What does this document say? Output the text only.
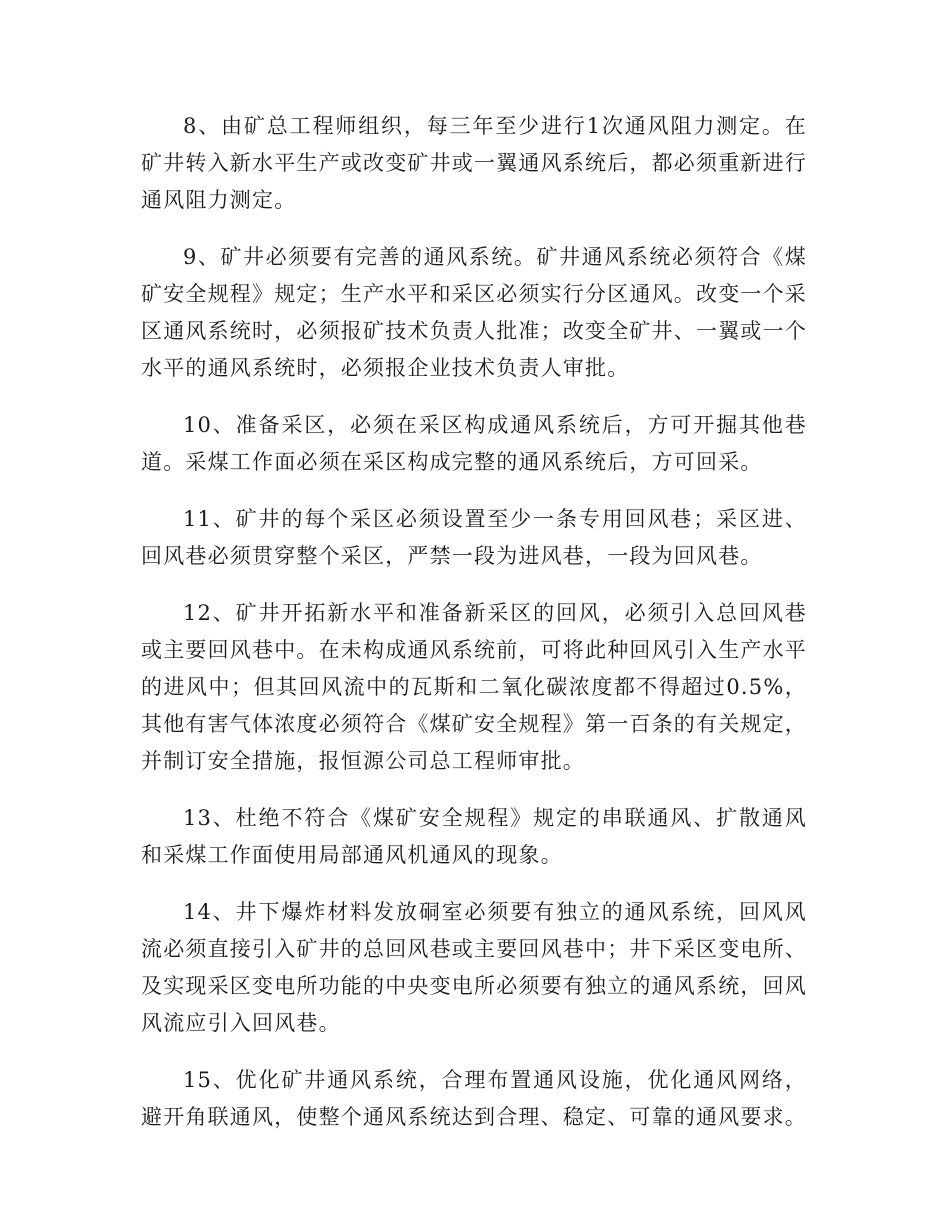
8、由矿总工程师组织，每三年至少进行1次通风阻力测定。在矿井转入新水平生产或改变矿井或一翼通风系统后，都必须重新进行通风阻力测定。

9、矿井必须要有完善的通风系统。矿井通风系统必须符合《煤矿安全规程》规定；生产水平和采区必须实行分区通风。改变一个采区通风系统时，必须报矿技术负责人批准；改变全矿井、一翼或一个水平的通风系统时，必须报企业技术负责人审批。

10、准备采区，必须在采区构成通风系统后，方可开掘其他巷道。采煤工作面必须在采区构成完整的通风系统后，方可回采。

11、矿井的每个采区必须设置至少一条专用回风巷；采区进、回风巷必须贯穿整个采区，严禁一段为进风巷，一段为回风巷。

12、矿井开拓新水平和准备新采区的回风，必须引入总回风巷或主要回风巷中。在未构成通风系统前，可将此种回风引入生产水平的进风中；但其回风流中的瓦斯和二氧化碳浓度都不得超过0.5%，其他有害气体浓度必须符合《煤矿安全规程》第一百条的有关规定，并制订安全措施，报恒源公司总工程师审批。

13、杜绝不符合《煤矿安全规程》规定的串联通风、扩散通风和采煤工作面使用局部通风机通风的现象。

14、井下爆炸材料发放硐室必须要有独立的通风系统，回风风流必须直接引入矿井的总回风巷或主要回风巷中；井下采区变电所、及实现采区变电所功能的中央变电所必须要有独立的通风系统，回风风流应引入回风巷。

15、优化矿井通风系统，合理布置通风设施，优化通风网络，避开角联通风，使整个通风系统达到合理、稳定、可靠的通风要求。
